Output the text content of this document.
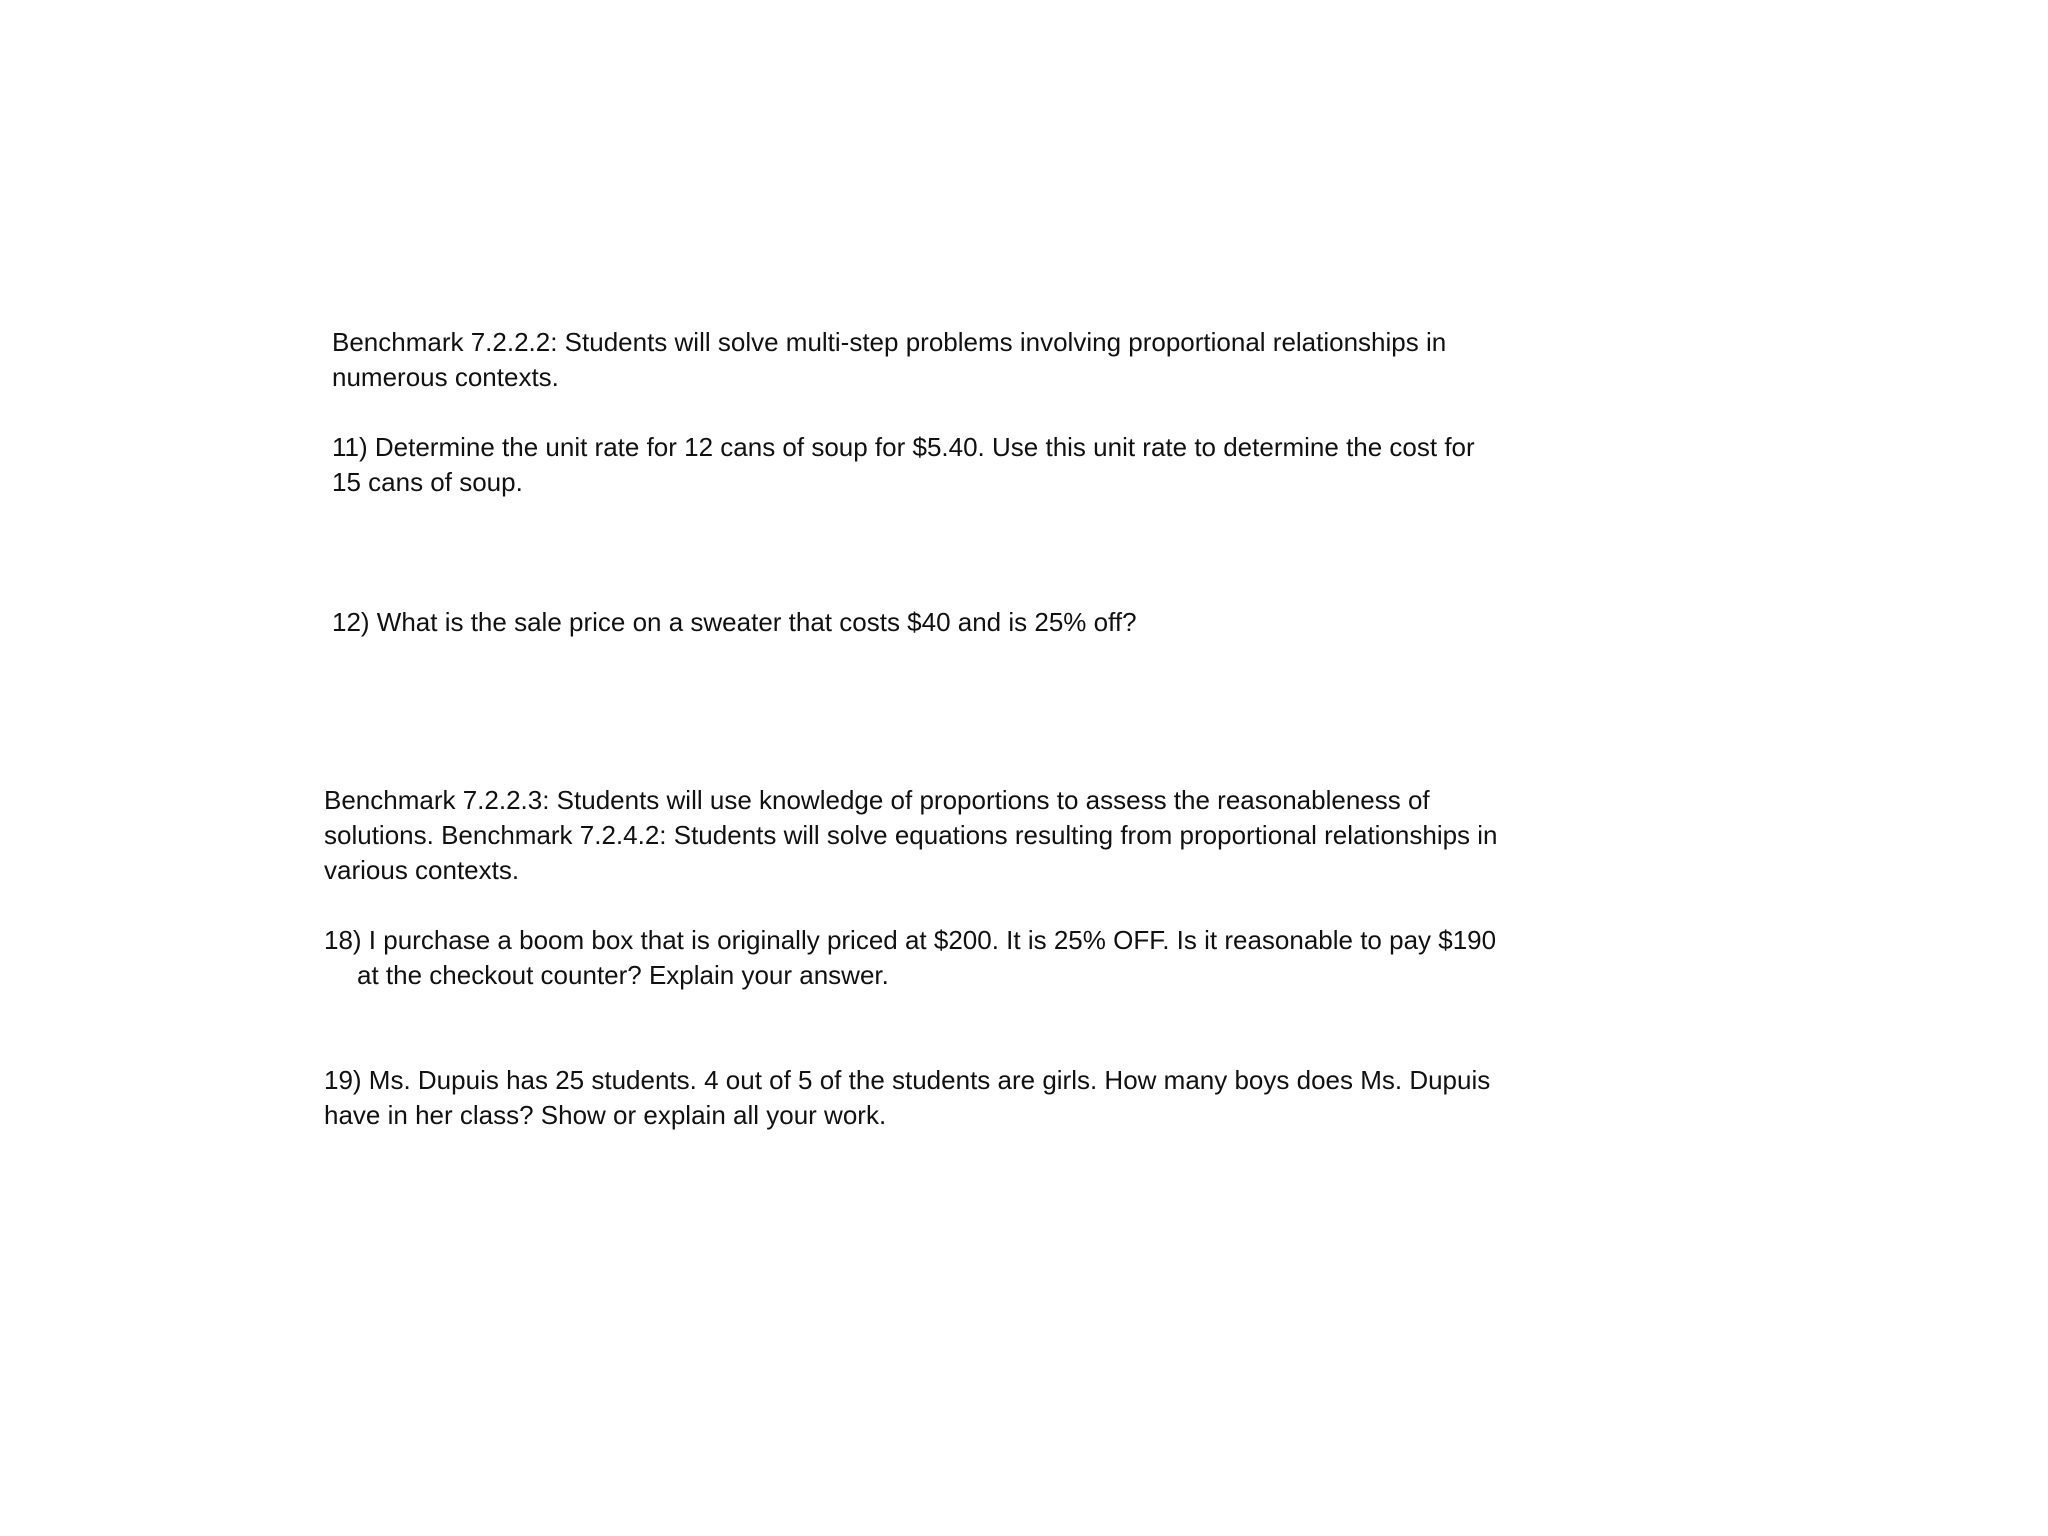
Benchmark 7.2.2.2: Students will solve multi-step problems involving proportional relationships in
numerous contexts.

11) Determine the unit rate for 12 cans of soup for $5.40. Use this unit rate to determine the cost for
15 cans of soup.

12) What is the sale price on a sweater that costs $40 and is 25% off?

Benchmark 7.2.2.3: Students will use knowledge of proportions to assess the reasonableness of
solutions. Benchmark 7.2.4.2: Students will solve equations resulting from proportional relationships in
various contexts.

18) I purchase a boom box that is originally priced at $200. It is 25% OFF. Is it reasonable to pay $190
at the checkout counter? Explain your answer.

19) Ms. Dupuis has 25 students. 4 out of 5 of the students are girls. How many boys does Ms. Dupuis
have in her class? Show or explain all your work.
